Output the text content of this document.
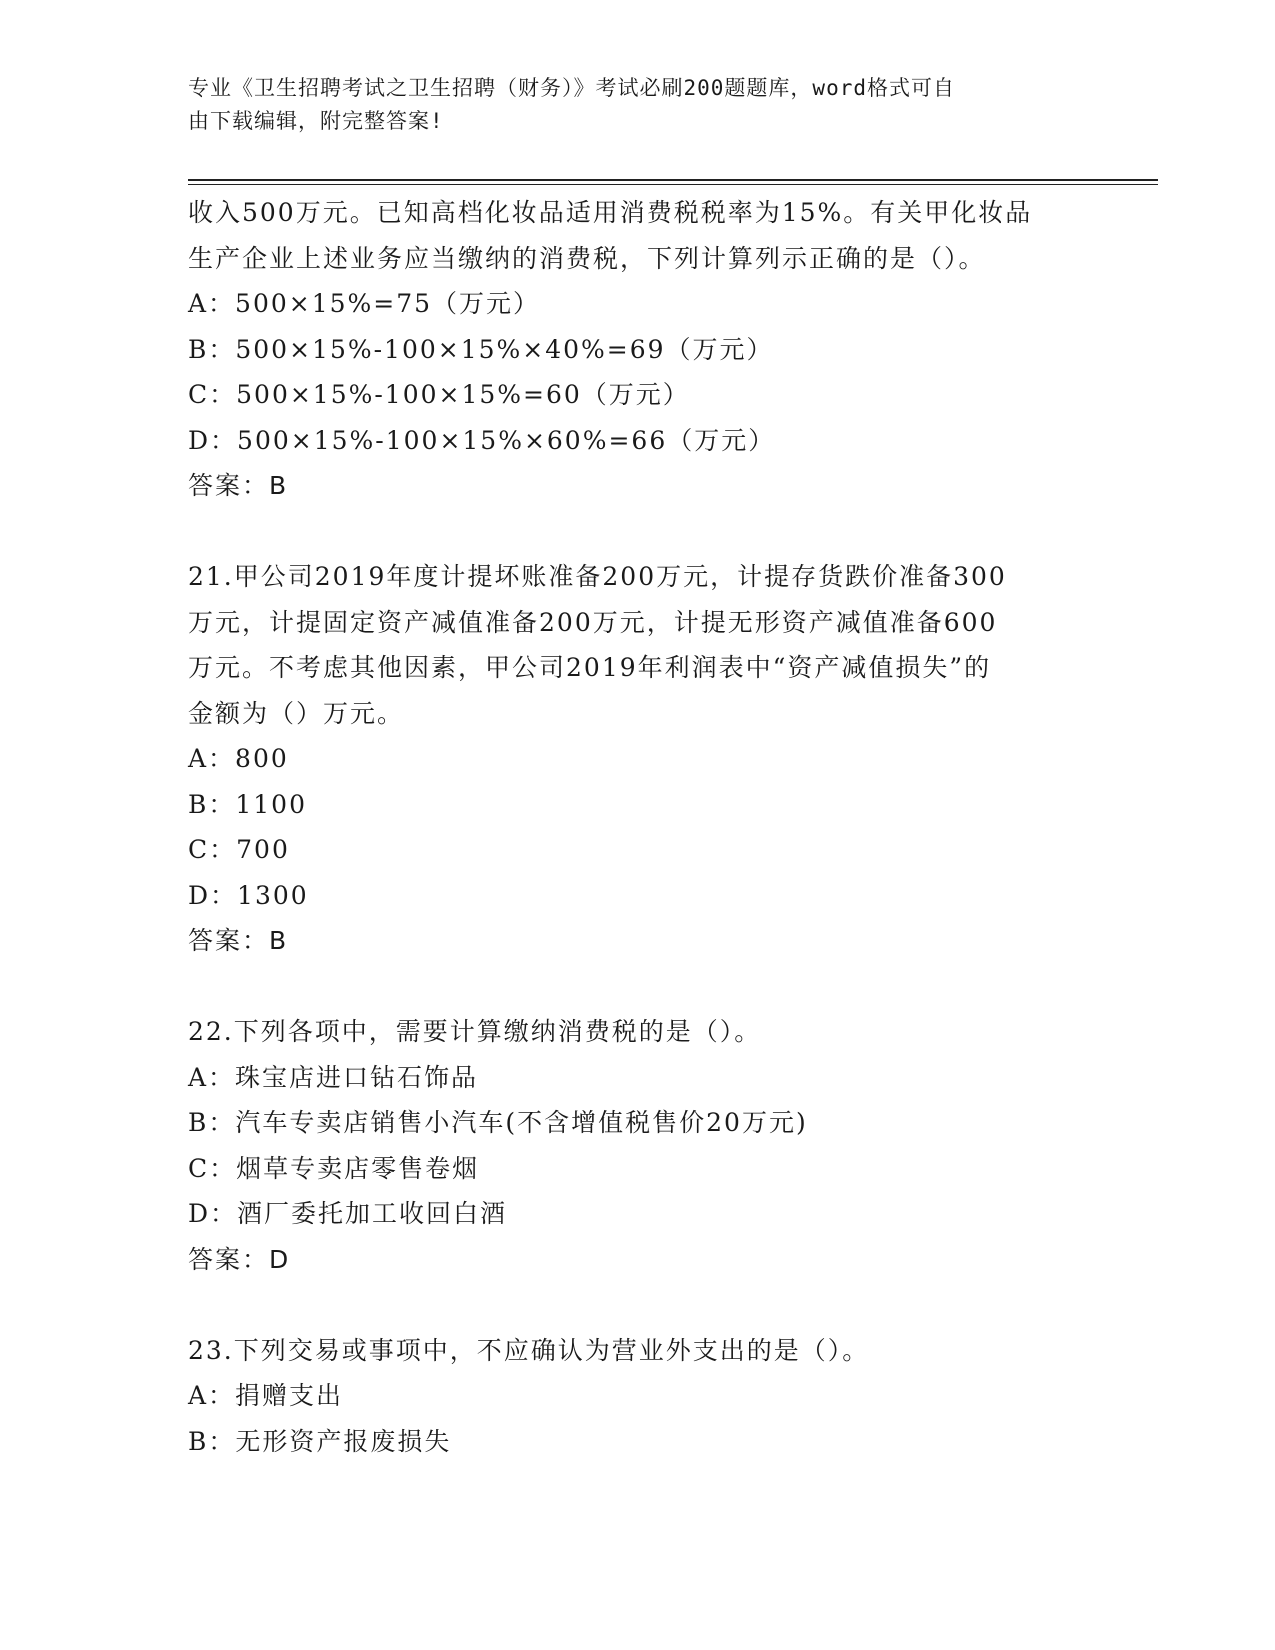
专业《卫生招聘考试之卫生招聘（财务）》考试必刷200题题库，word格式可自
由下载编辑，附完整答案!
收入500万元。已知高档化妆品适用消费税税率为15%。有关甲化妆品
生产企业上述业务应当缴纳的消费税，下列计算列示正确的是（）。
A：500×15%=75（万元）
B：500×15%-100×15%×40%=69（万元）
C：500×15%-100×15%=60（万元）
D：500×15%-100×15%×60%=66（万元）
答案：B
21.甲公司2019年度计提坏账准备200万元，计提存货跌价准备300
万元，计提固定资产减值准备200万元，计提无形资产减值准备600
万元。不考虑其他因素，甲公司2019年利润表中“资产减值损失”的
金额为（）万元。
A：800
B：1100
C：700
D：1300
答案：B
22.下列各项中，需要计算缴纳消费税的是（）。
A：珠宝店进口钻石饰品
B：汽车专卖店销售小汽车(不含增值税售价20万元)
C：烟草专卖店零售卷烟
D：酒厂委托加工收回白酒
答案：D
23.下列交易或事项中，不应确认为营业外支出的是（）。
A：捐赠支出
B：无形资产报废损失
